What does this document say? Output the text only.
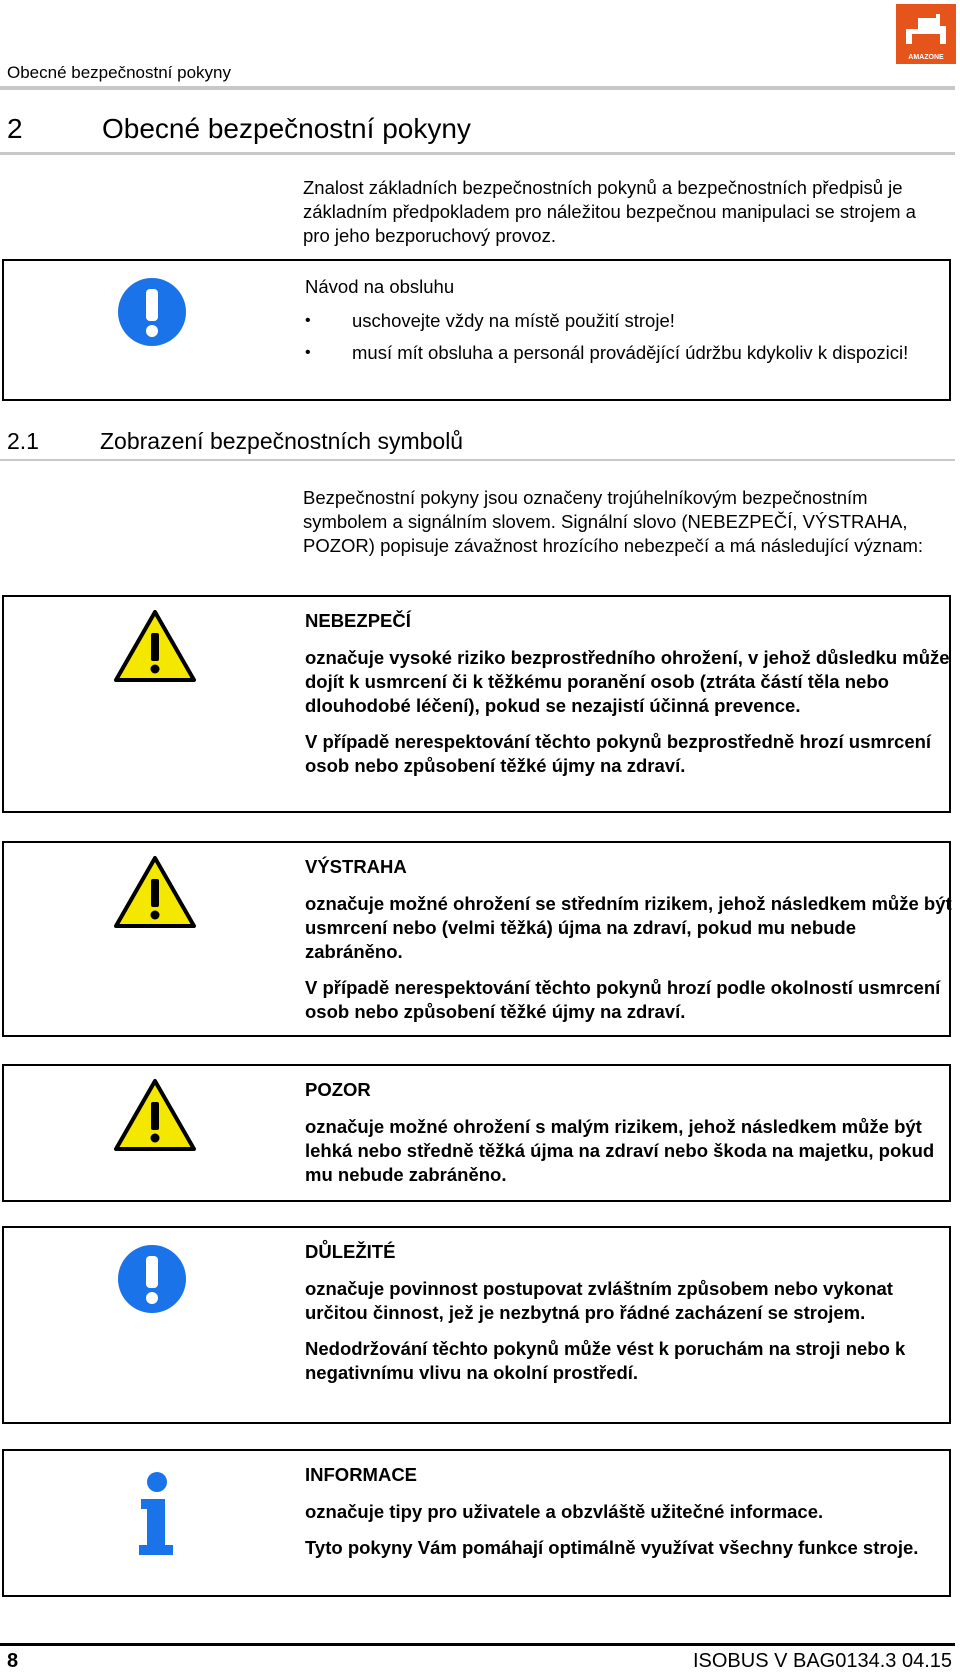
Obecné bezpečnostní pokyny
AMAZONE
2	Obecné bezpečnostní pokyny
Znalost základních bezpečnostních pokynů a bezpečnostních předpisů je základním předpokladem pro náležitou bezpečnou manipulaci se strojem a pro jeho bezporuchový provoz.
Návod na obsluhu
• uschovejte vždy na místě použití stroje!
• musí mít obsluha a personál provádějící údržbu kdykoliv k dispozici!
2.1	Zobrazení bezpečnostních symbolů
Bezpečnostní pokyny jsou označeny trojúhelníkovým bezpečnostním symbolem a signálním slovem. Signální slovo (NEBEZPEČÍ, VÝSTRAHA, POZOR) popisuje závažnost hrozícího nebezpečí a má následující význam:
NEBEZPEČÍ
označuje vysoké riziko bezprostředního ohrožení, v jehož důsledku může dojít k usmrcení či k těžkému poranění osob (ztráta částí těla nebo dlouhodobé léčení), pokud se nezajistí účinná prevence.
V případě nerespektování těchto pokynů bezprostředně hrozí usmrcení osob nebo způsobení těžké újmy na zdraví.
VÝSTRAHA
označuje možné ohrožení se středním rizikem, jehož následkem může být usmrcení nebo (velmi těžká) újma na zdraví, pokud mu nebude zabráněno.
V případě nerespektování těchto pokynů hrozí podle okolností usmrcení osob nebo způsobení těžké újmy na zdraví.
POZOR
označuje možné ohrožení s malým rizikem, jehož následkem může být lehká nebo středně těžká újma na zdraví nebo škoda na majetku, pokud mu nebude zabráněno.
DŮLEŽITÉ
označuje povinnost postupovat zvláštním způsobem nebo vykonat určitou činnost, jež je nezbytná pro řádné zacházení se strojem.
Nedodržování těchto pokynů může vést k poruchám na stroji nebo k negativnímu vlivu na okolní prostředí.
INFORMACE
označuje tipy pro uživatele a obzvláště užitečné informace.
Tyto pokyny Vám pomáhají optimálně využívat všechny funkce stroje.
8	ISOBUS V BAG0134.3 04.15
